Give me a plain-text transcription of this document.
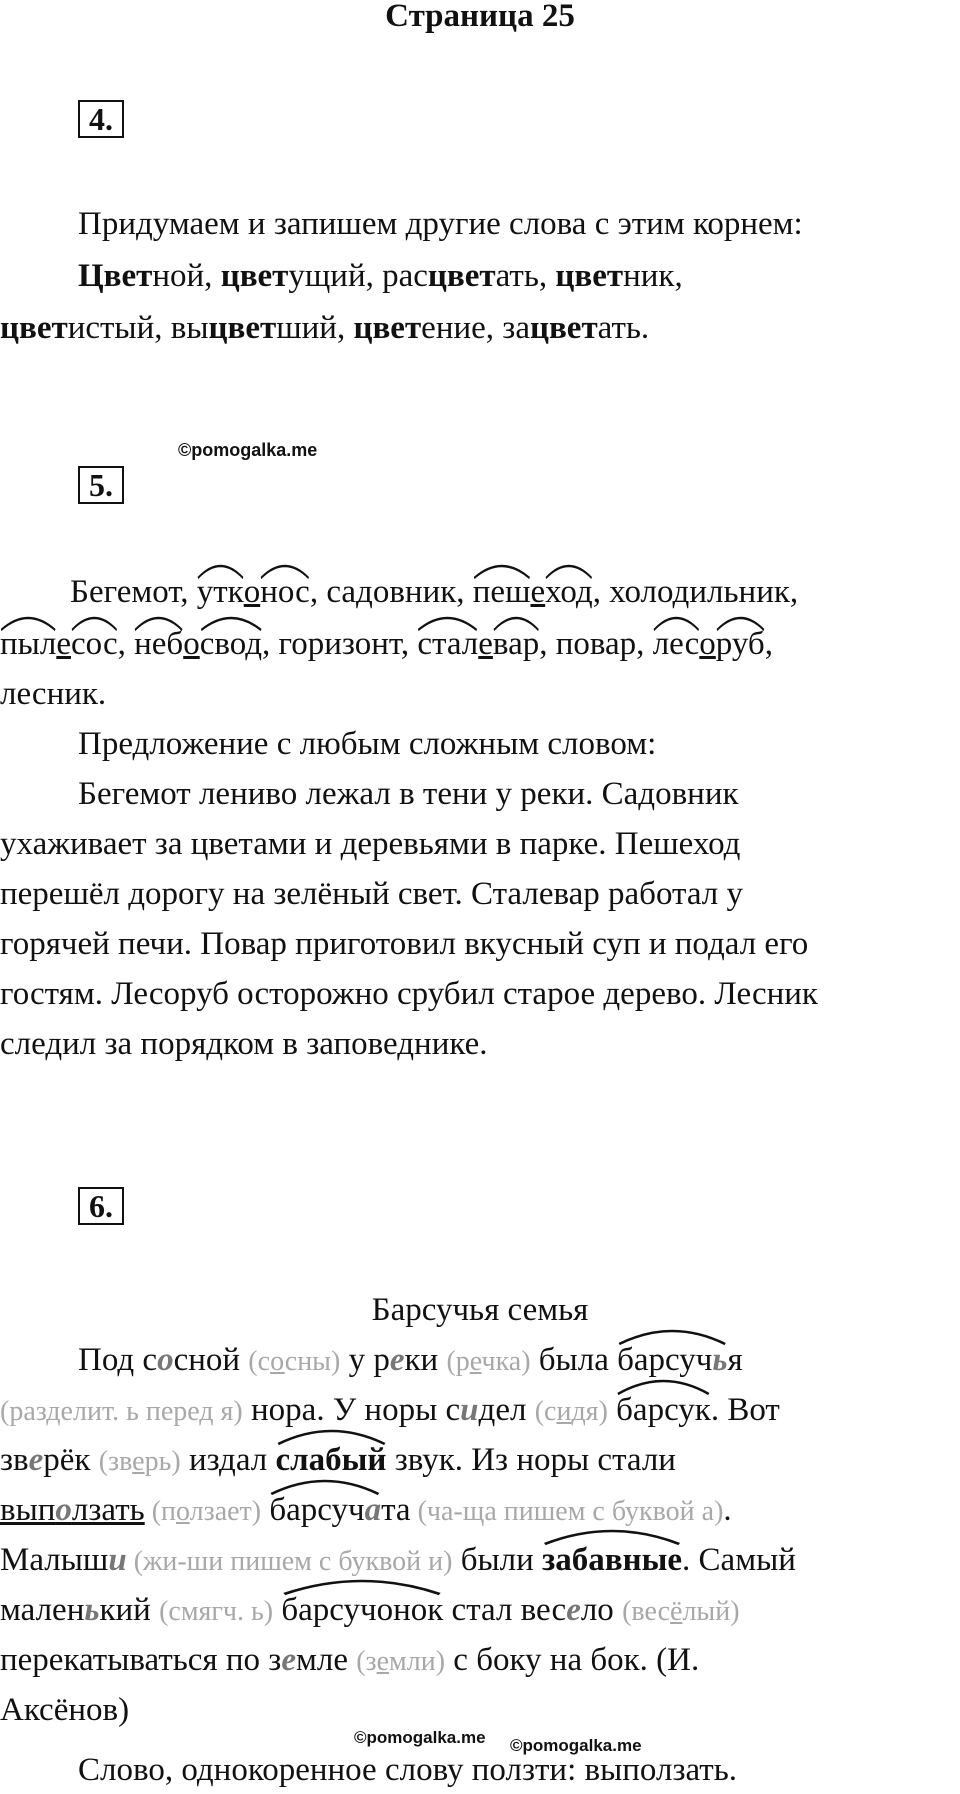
Страница 25
4.
Придумаем и запишем другие слова с этим корнем:
Цветной, цветущий, расцветать, цветник,
цветистый, выцветший, цветение, зацветать.
©pomogalka.me
5.
Бегемот,
утко
нос, садовник,
пеше
ход, холодильник,
пыле
сос,
небо
свод, горизонт,
стале
вар, повар,
лесо
руб,
лесник.
Предложение с любым сложным словом:
Бегемот лениво лежал в тени у реки. Садовник
ухаживает за цветами и деревьями в парке. Пешеход
перешёл дорогу на зелёный свет. Сталевар работал у
горячей печи. Повар приготовил вкусный суп и подал его
гостям. Лесоруб осторожно срубил старое дерево. Лесник
следил за порядком в заповеднике.
6.
Барсучья семья
Под сосной (сосны) у реки (речка) была
барсучья
(разделит. ь перед я) нора. У норы сидел (сидя) барсук. Вот
зверёк (зверь) издал
слабый звук. Из норы стали
выползать (ползает) барсучата (ча-ща пишем с буквой а).
Малыши (жи-ши пишем с буквой и) были
забавные. Самый
маленький (смягч. ь) барсучонок стал весело (весёлый)
перекатываться по земле (земли) с боку на бок. (И.
Аксёнов)
©pomogalka.me ©pomogalka.me
Слово, однокоренное слову ползти: выползать.
